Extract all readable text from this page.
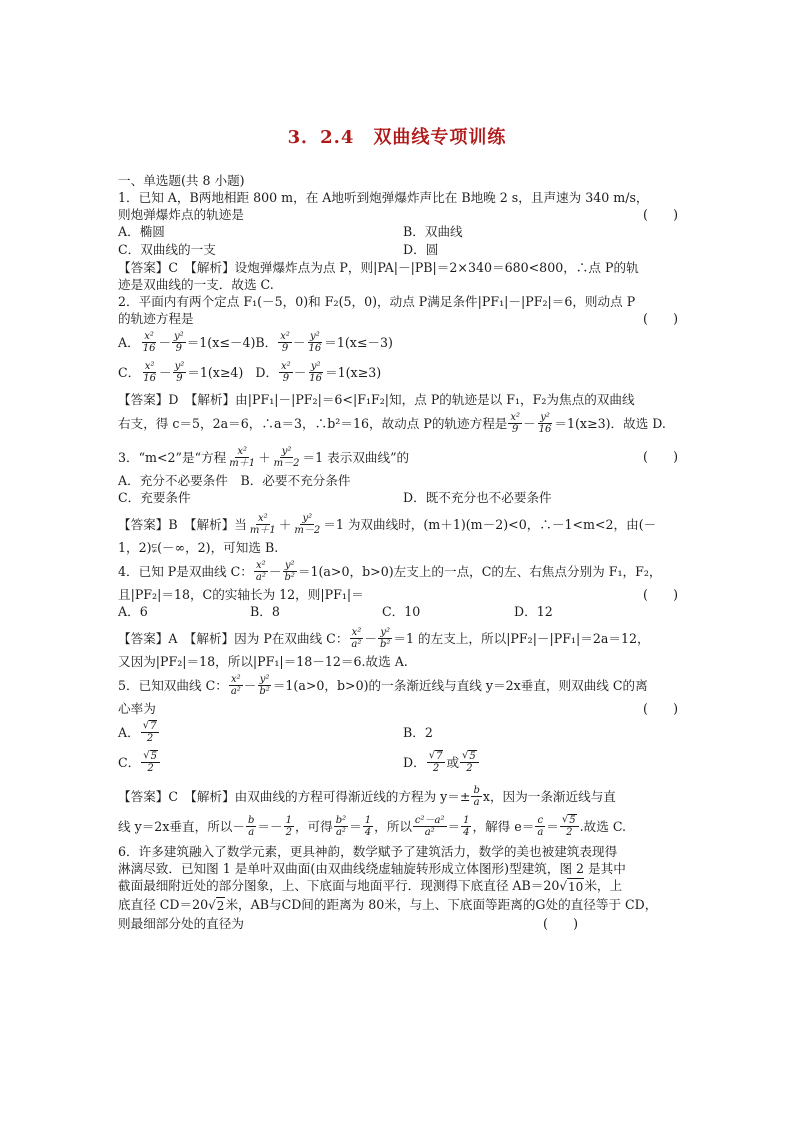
3．2.4　双曲线专项训练
一、单选题(共 8 小题)
1．已知 A，B两地相距 800 m，在 A地听到炮弹爆炸声比在 B地晚 2 s，且声速为 340 m/s，
则炮弹爆炸点的轨迹是	(　　)
A．椭圆	B．双曲线
C．双曲线的一支	D．圆
【答案】C　【解析】设炮弹爆炸点为点 P，则|PA|－|PB|＝2×340＝680<800，∴点 P的轨
迹是双曲线的一支．故选 C.
2．平面内有两个定点 F₁(－5，0)和 F₂(5，0)，动点 P满足条件|PF₁|－|PF₂|＝6，则动点 P
的轨迹方程是	(　　)
A． $\frac{\text{x²}}{16} - \frac{\text{y²}}{9} =1(x\le-4)$ B． $\frac{\text{x²}}{9} - \frac{\text{y²}}{16} =1(x\le-3)$
C． $\frac{\text{x²}}{16} - \frac{\text{y²}}{9} =1(x\ge 4)$ D． $\frac{\text{x²}}{9} - \frac{\text{y²}}{16} =1(x\ge 3)$
【答案】D　【解析】由|PF₁|－|PF₂|＝6<|F₁F₂|知，点 P的轨迹是以 F₁，F₂为焦点的双曲线
右支，得 c＝5，2a＝6，∴a＝3，∴b²＝16，故动点 P的轨迹方程是 $\frac{\text{x²}}{9} - \frac{\text{y²}}{16} =1(x\ge 3)$．故选 D.
3．“m<2”是“方程 $\frac{\text{x²}}{m+1} + \frac{\text{y²}}{m-2} =1$ 表示双曲线”的	(　　)
A．充分不必要条件　B．必要不充分条件
C．充要条件	D．既不充分也不必要条件
【答案】B　【解析】当 $\frac{\text{x²}}{m+1} + \frac{\text{y²}}{m-2} =1$ 为双曲线时，(m＋1)(m－2)<0，∴－1<m<2，由(－
1，2)⫋(－∞，2)，可知选 B.
4．已知 P是双曲线 C： $\frac{\text{x²}}{\text{a²}} - \frac{\text{y²}}{\text{b²}} =1(a>0$，b>0)左支上的一点，C的左、右焦点分别为 F₁，F₂，
且|PF₂|＝18，C的实轴长为 12，则|PF₁|＝	(　　)
A．6	B．8	C．10	D．12
【答案】A　【解析】因为 P在双曲线 C： $\frac{\text{x²}}{\text{a²}} - \frac{\text{y²}}{\text{b²}} =1$ 的左支上，所以|PF₂|－|PF₁|＝2a＝12，
又因为|PF₂|＝18，所以|PF₁|＝18－12＝6.故选 A.
5．已知双曲线 C： $\frac{\text{x²}}{\text{a²}} - \frac{\text{y²}}{\text{b²}} =1(a>0$，b>0)的一条渐近线与直线 y＝2x垂直，则双曲线 C的离
心率为	(　　)
A． $\frac{√ 7}{2}$	B．2
C． $\frac{√ 5}{2}$	D． $\frac{√ 7}{2}$ 或 $\frac{√ 5}{2}$
【答案】C　【解析】由双曲线的方程可得渐近线的方程为 $y=\pm \frac{b}{a}$ x，因为一条渐近线与直
线 y＝2x垂直，所以－ $\frac{b}{a} =- \frac{1}{2}$ ，可得 $\frac{\text{b²}}{\text{a²}} = \frac{1}{4}$ ，所以 $\frac{\text{c²－a²}}{\text{a²}} = \frac{1}{4}$ ，解得 $e= \frac{c}{a} = \frac{√ 5}{2}$ .故选 C.
6．许多建筑融入了数学元素，更具神韵，数学赋予了建筑活力，数学的美也被建筑表现得
淋漓尽致．已知图 1 是单叶双曲面(由双曲线绕虚轴旋转形成立体图形)型建筑，图 2 是其中
截面最细附近处的部分图象，上、下底面与地面平行．现测得下底直径 AB＝20√ 10 米，上
底直径 CD＝20√ 2 米，AB与CD间的距离为 80米，与上、下底面等距离的G处的直径等于 CD，
则最细部分处的直径为	(　　)
